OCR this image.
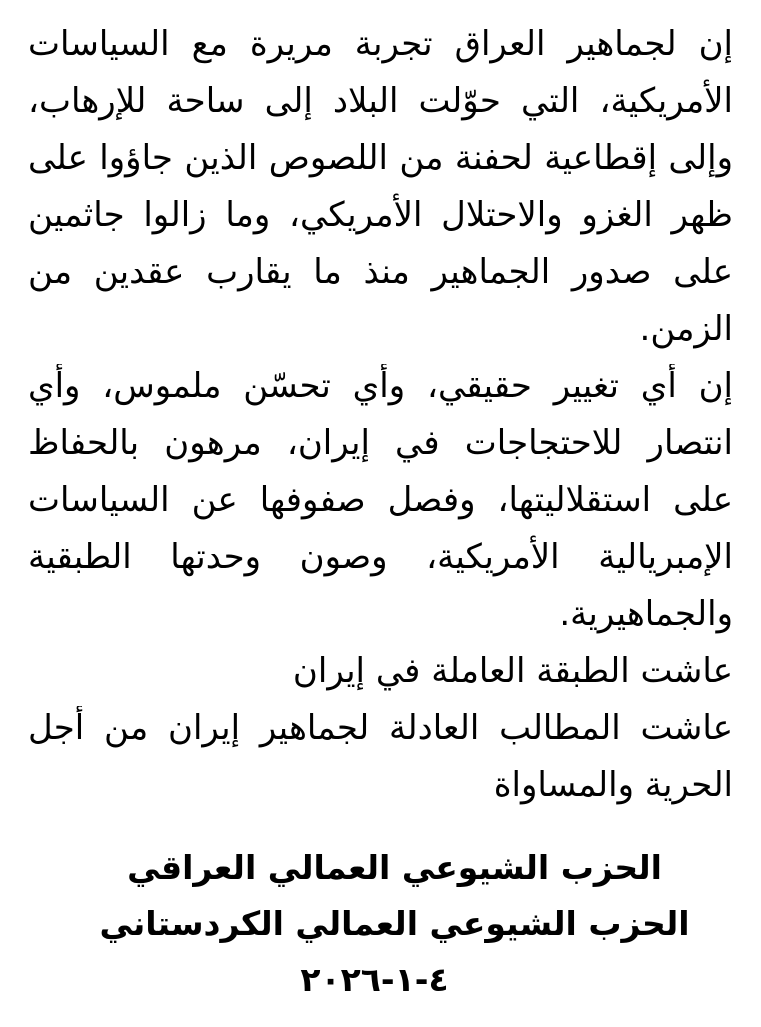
إن لجماهير العراق تجربة مريرة مع السياسات
الأمريكية، التي حوّلت البلاد إلى ساحة للإرهاب،
وإلى إقطاعية لحفنة من اللصوص الذين جاؤوا على
ظهر الغزو والاحتلال الأمريكي، وما زالوا جاثمين
على صدور الجماهير منذ ما يقارب عقدين من
الزمن.
إن أي تغيير حقيقي، وأي تحسّن ملموس، وأي
انتصار للاحتجاجات في إيران، مرهون بالحفاظ
على استقلاليتها، وفصل صفوفها عن السياسات
الإمبريالية الأمريكية، وصون وحدتها الطبقية
والجماهيرية.
عاشت الطبقة العاملة في إيران
عاشت المطالب العادلة لجماهير إيران من أجل
الحرية والمساواة
الحزب الشيوعي العمالي العراقي
الحزب الشيوعي العمالي الكردستاني
٤-١-٢٠٢٦
